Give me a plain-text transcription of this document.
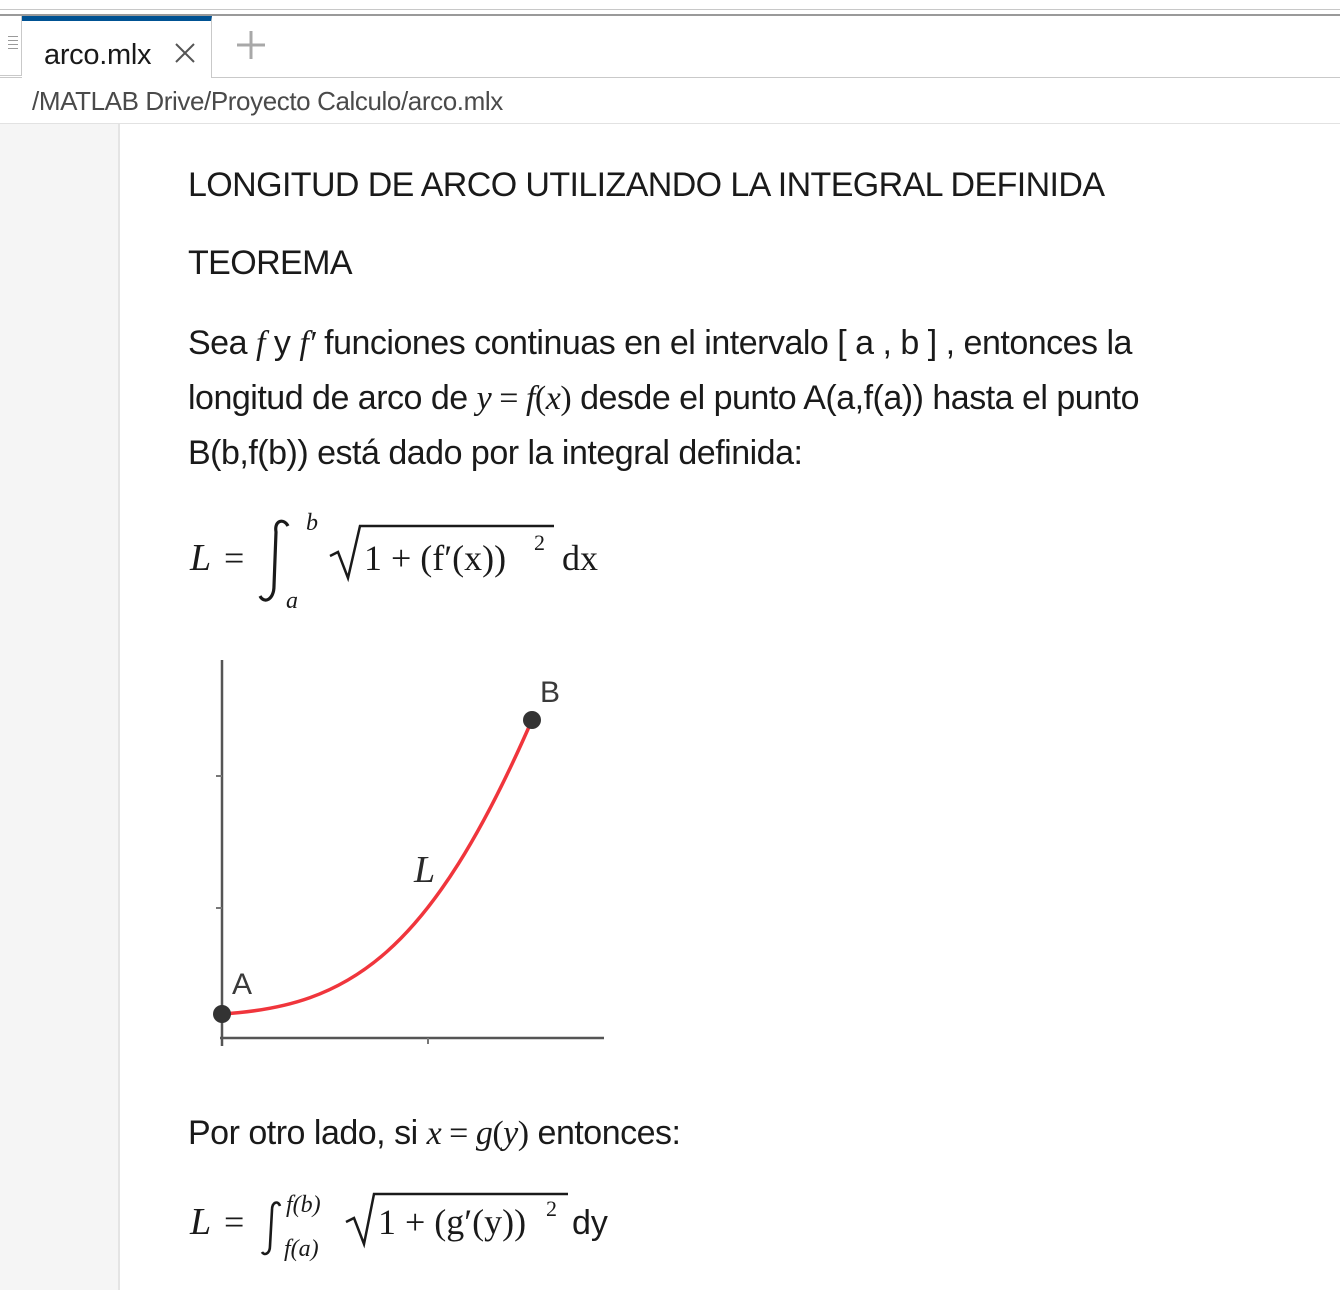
arco.mlx
/MATLAB Drive/Proyecto Calculo/arco.mlx
LONGITUD DE ARCO UTILIZANDO LA INTEGRAL DEFINIDA
TEOREMA
Sea f y f′ funciones continuas en el intervalo [ a , b ] , entonces la
longitud de arco de y = f(x) desde el punto A(a,f(a)) hasta el punto
B(b,f(b)) está dado por la integral definida:
L =
b
a
1 + (f′(x)) 2 dx
A
B
L
Por otro lado, si x = g(y) entonces:
L = f(b)
f(a)
1 + (g′(y)) 2 dy
